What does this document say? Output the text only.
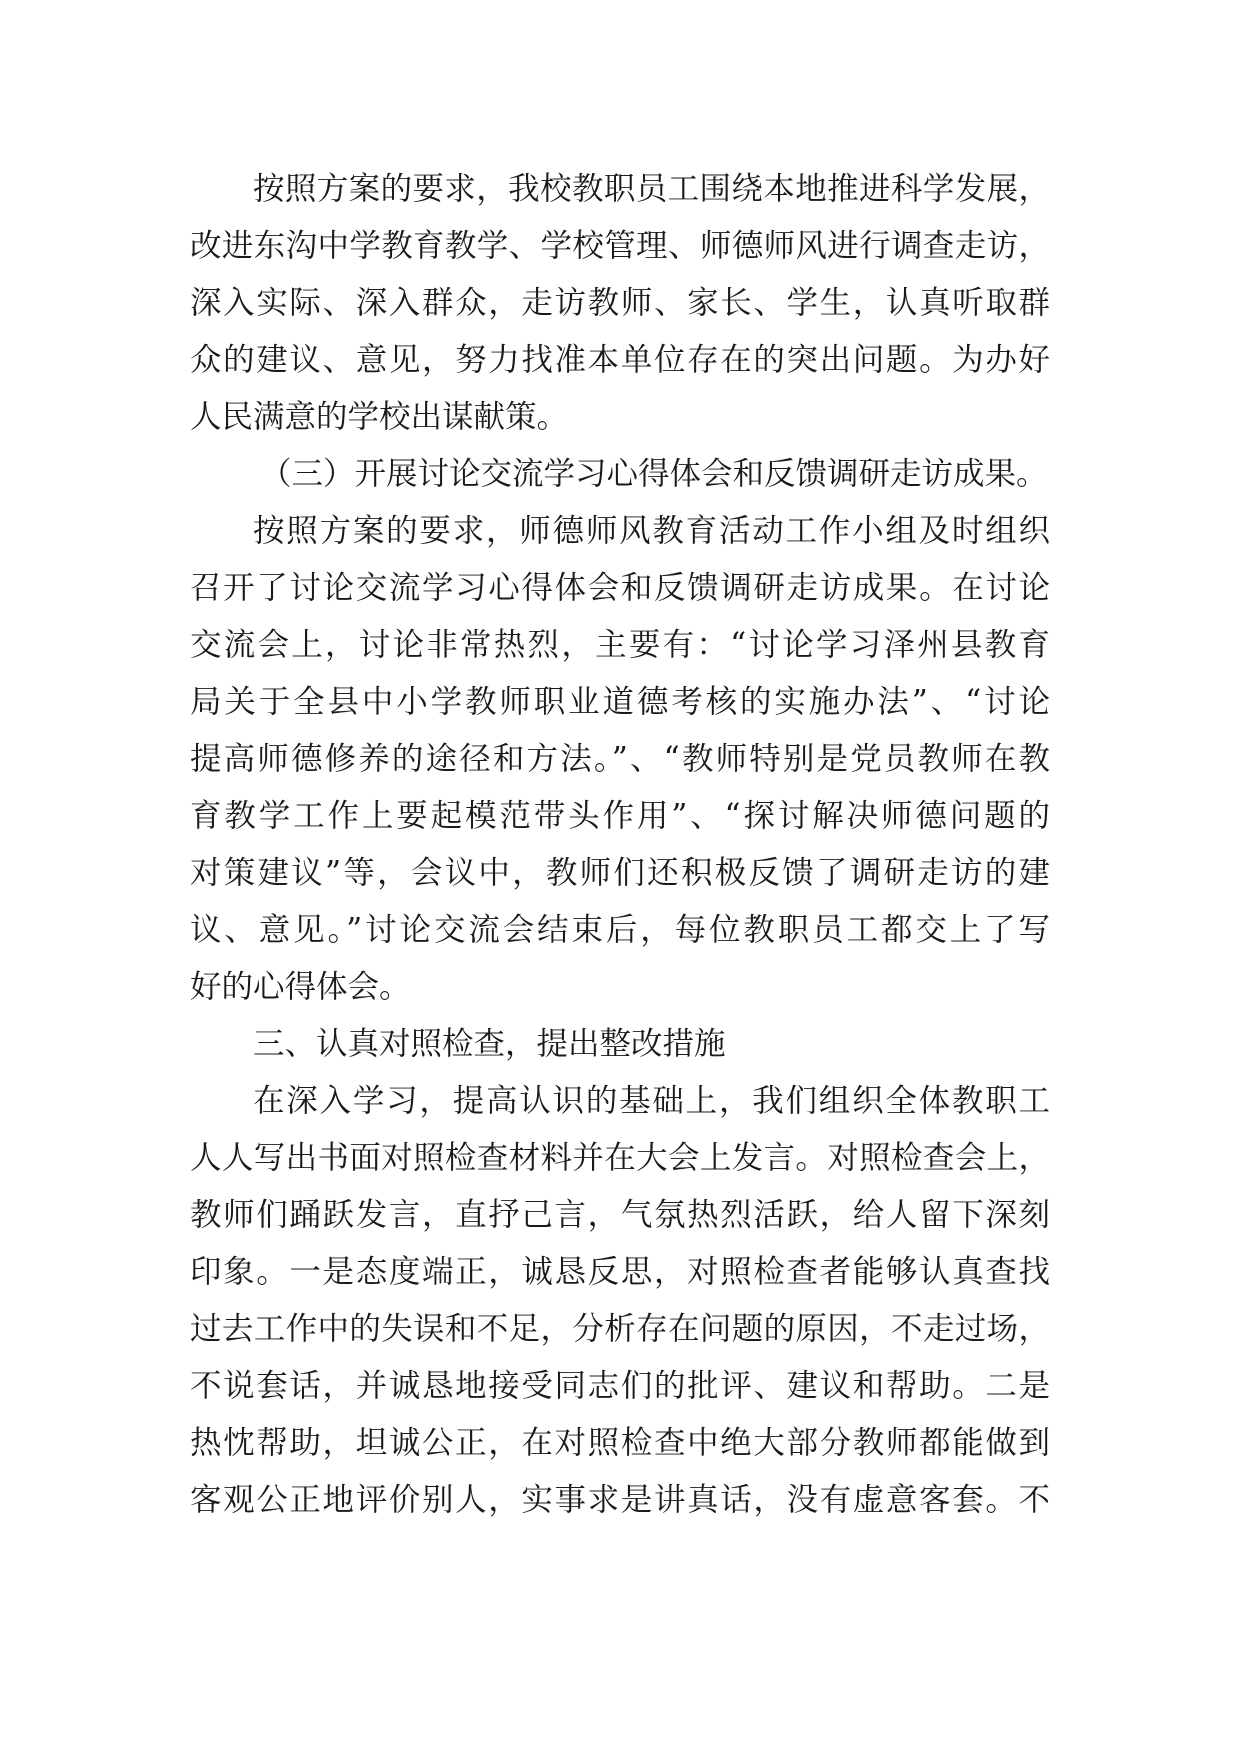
按照方案的要求，我校教职员工围绕本地推进科学发展，
改进东沟中学教育教学、学校管理、师德师风进行调查走访，
深入实际、深入群众，走访教师、家长、学生，认真听取群
众的建议、意见，努力找准本单位存在的突出问题。为办好
人民满意的学校出谋献策。
（三）开展讨论交流学习心得体会和反馈调研走访成果。
按照方案的要求，师德师风教育活动工作小组及时组织
召开了讨论交流学习心得体会和反馈调研走访成果。在讨论
交流会上，讨论非常热烈，主要有：“讨论学习泽州县教育
局关于全县中小学教师职业道德考核的实施办法”、“讨论
提高师德修养的途径和方法。”、“教师特别是党员教师在教
育教学工作上要起模范带头作用”、“探讨解决师德问题的
对策建议”等，会议中，教师们还积极反馈了调研走访的建
议、意见。”讨论交流会结束后，每位教职员工都交上了写
好的心得体会。
三、认真对照检查，提出整改措施
在深入学习，提高认识的基础上，我们组织全体教职工
人人写出书面对照检查材料并在大会上发言。对照检查会上，
教师们踊跃发言，直抒己言，气氛热烈活跃，给人留下深刻
印象。一是态度端正，诚恳反思，对照检查者能够认真查找
过去工作中的失误和不足，分析存在问题的原因，不走过场，
不说套话，并诚恳地接受同志们的批评、建议和帮助。二是
热忱帮助，坦诚公正，在对照检查中绝大部分教师都能做到
客观公正地评价别人，实事求是讲真话，没有虚意客套。不
